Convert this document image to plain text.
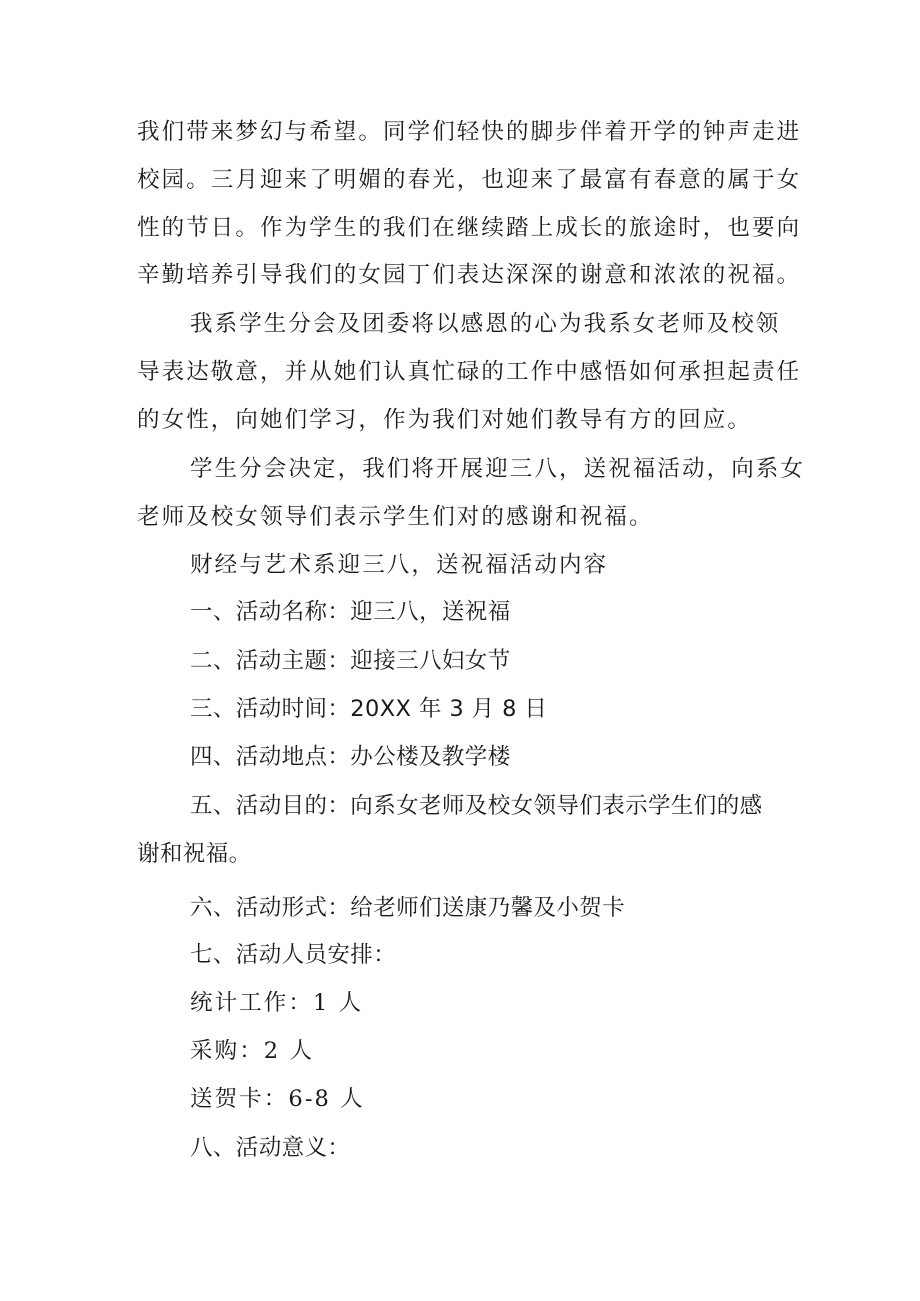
我们带来梦幻与希望。同学们轻快的脚步伴着开学的钟声走进
校园。三月迎来了明媚的春光，也迎来了最富有春意的属于女
性的节日。作为学生的我们在继续踏上成长的旅途时，也要向
辛勤培养引导我们的女园丁们表达深深的谢意和浓浓的祝福。
我系学生分会及团委将以感恩的心为我系女老师及校领
导表达敬意，并从她们认真忙碌的工作中感悟如何承担起责任
的女性，向她们学习，作为我们对她们教导有方的回应。
学生分会决定，我们将开展迎三八，送祝福活动，向系女
老师及校女领导们表示学生们对的感谢和祝福。
财经与艺术系迎三八，送祝福活动内容
一、活动名称：迎三八，送祝福
二、活动主题：迎接三八妇女节
三、活动时间：20XX 年 3 月 8 日
四、活动地点：办公楼及教学楼
五、活动目的：向系女老师及校女领导们表示学生们的感
谢和祝福。
六、活动形式：给老师们送康乃馨及小贺卡
七、活动人员安排：
统计工作：1 人
采购：2 人
送贺卡：6-8 人
八、活动意义：
